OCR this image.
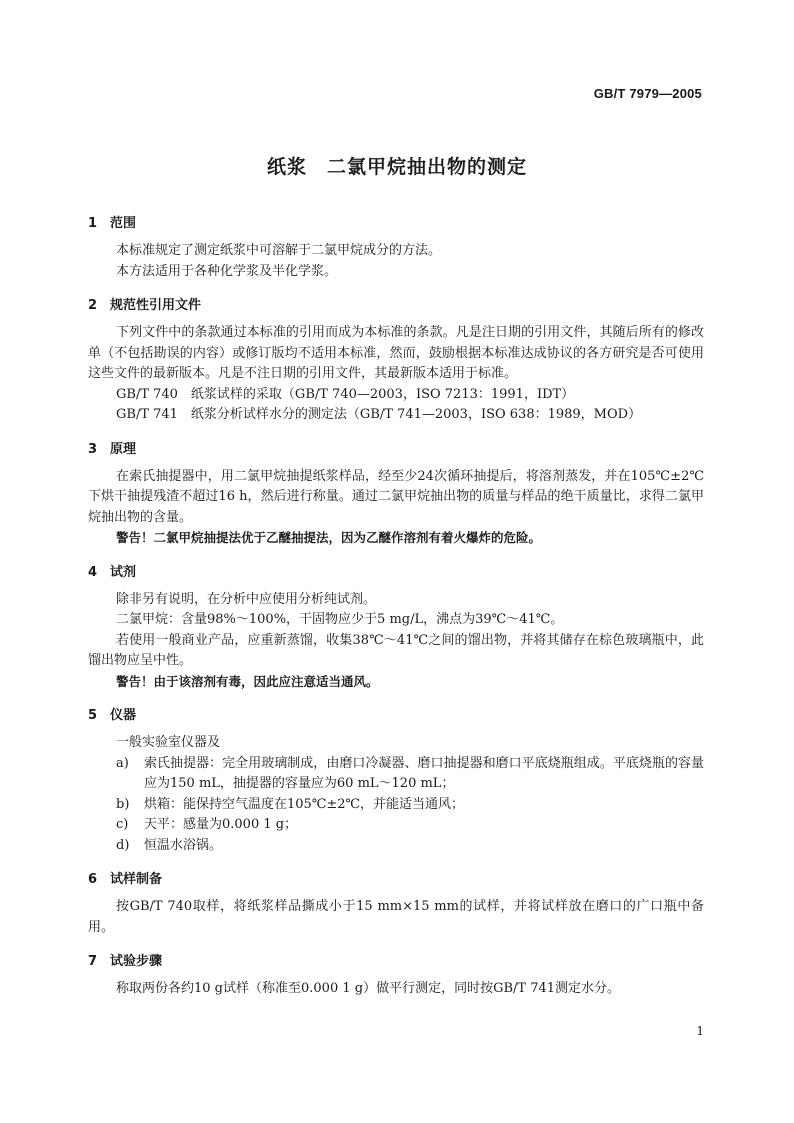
GB/T 7979—2005
纸浆　二氯甲烷抽出物的测定
1 范围

本标准规定了测定纸浆中可溶解于二氯甲烷成分的方法。

本方法适用于各种化学浆及半化学浆。

2 规范性引用文件

下列文件中的条款通过本标准的引用而成为本标准的条款。凡是注日期的引用文件，其随后所有的修改单（不包括勘误的内容）或修订版均不适用本标准，然而，鼓励根据本标准达成协议的各方研究是否可使用这些文件的最新版本。凡是不注日期的引用文件，其最新版本适用于标准。

GB/T 740　纸浆试样的采取（GB/T 740—2003，ISO 7213：1991，IDT）

GB/T 741　纸浆分析试样水分的测定法（GB/T 741—2003，ISO 638：1989，MOD）

3 原理

在索氏抽提器中，用二氯甲烷抽提纸浆样品，经至少24次循环抽提后，将溶剂蒸发，并在105℃±2℃下烘干抽提残渣不超过16 h，然后进行称量。通过二氯甲烷抽出物的质量与样品的绝干质量比，求得二氯甲烷抽出物的含量。

警告！二氯甲烷抽提法优于乙醚抽提法，因为乙醚作溶剂有着火爆炸的危险。

4 试剂

除非另有说明，在分析中应使用分析纯试剂。

二氯甲烷：含量98%～100%，干固物应少于5 mg/L，沸点为39℃～41℃。

若使用一般商业产品，应重新蒸馏，收集38℃～41℃之间的馏出物，并将其储存在棕色玻璃瓶中，此馏出物应呈中性。

警告！由于该溶剂有毒，因此应注意适当通风。

5 仪器

一般实验室仪器及

a) 索氏抽提器：完全用玻璃制成，由磨口冷凝器、磨口抽提器和磨口平底烧瓶组成。平底烧瓶的容量应为150 mL，抽提器的容量应为60 mL～120 mL；
b) 烘箱：能保持空气温度在105℃±2℃，并能适当通风；
c) 天平：感量为0.000 1 g；
d) 恒温水浴锅。
6 试样制备

按GB/T 740取样，将纸浆样品撕成小于15 mm×15 mm的试样，并将试样放在磨口的广口瓶中备用。

7 试验步骤

称取两份各约10 g试样（称准至0.000 1 g）做平行测定，同时按GB/T 741测定水分。

1
